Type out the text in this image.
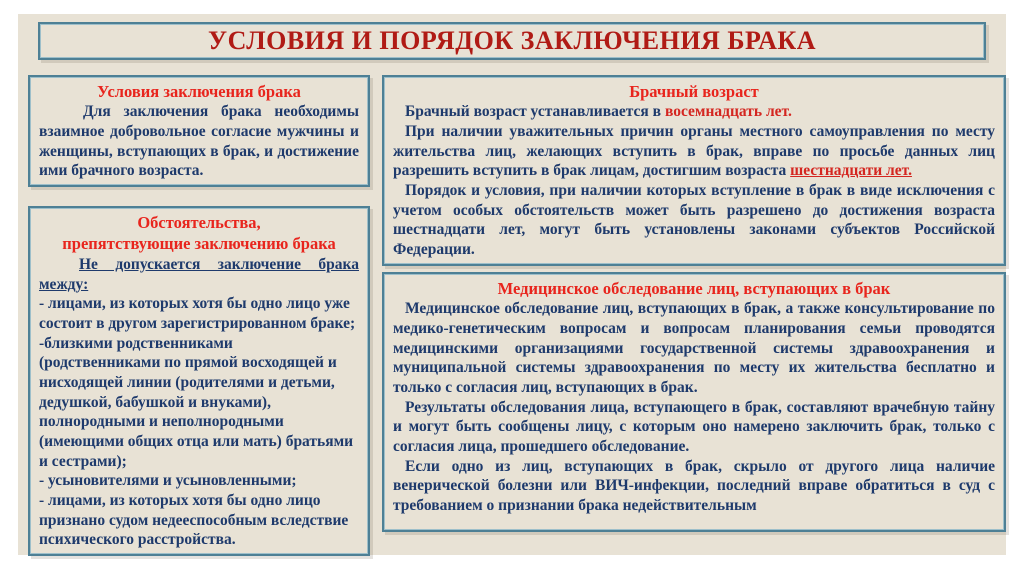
УСЛОВИЯ И ПОРЯДОК ЗАКЛЮЧЕНИЯ БРАКА
Условия заключения брака

Для заключения брака необходимы взаимное добровольное согласие мужчины и женщины, вступающих в брак, и достижение ими брачного возраста.

Обстоятельства,
препятствующие заключению брака

Не допускается заключение брака между:

- лицами, из которых хотя бы одно лицо уже состоит в другом зарегистрированном браке;

-близкими родственниками

(родственниками по прямой восходящей и нисходящей линии (родителями и детьми, дедушкой, бабушкой и внуками), полнородными и неполнородными (имеющими общих отца или мать) братьями и сестрами);

- усыновителями и усыновленными;

- лицами, из которых хотя бы одно лицо признано судом недееспособным вследствие психического расстройства.

Брачный возраст

Брачный возраст устанавливается в восемнадцать лет.

При наличии уважительных причин органы местного самоуправления по месту жительства лиц, желающих вступить в брак, вправе по просьбе данных лиц разрешить вступить в брак лицам, достигшим возраста шестнадцати лет.

Порядок и условия, при наличии которых вступление в брак в виде исключения с учетом особых обстоятельств может быть разрешено до достижения возраста шестнадцати лет, могут быть установлены законами субъектов Российской Федерации.

Медицинское обследование лиц, вступающих в брак

Медицинское обследование лиц, вступающих в брак, а также консультирование по медико-генетическим вопросам и вопросам планирования семьи проводятся медицинскими организациями государственной системы здравоохранения и муниципальной системы здравоохранения по месту их жительства бесплатно и только с согласия лиц, вступающих в брак.

Результаты обследования лица, вступающего в брак, составляют врачебную тайну и могут быть сообщены лицу, с которым оно намерено заключить брак, только с согласия лица, прошедшего обследование.

Если одно из лиц, вступающих в брак, скрыло от другого лица наличие венерической болезни или ВИЧ-инфекции, последний вправе обратиться в суд с требованием о признании брака недействительным
